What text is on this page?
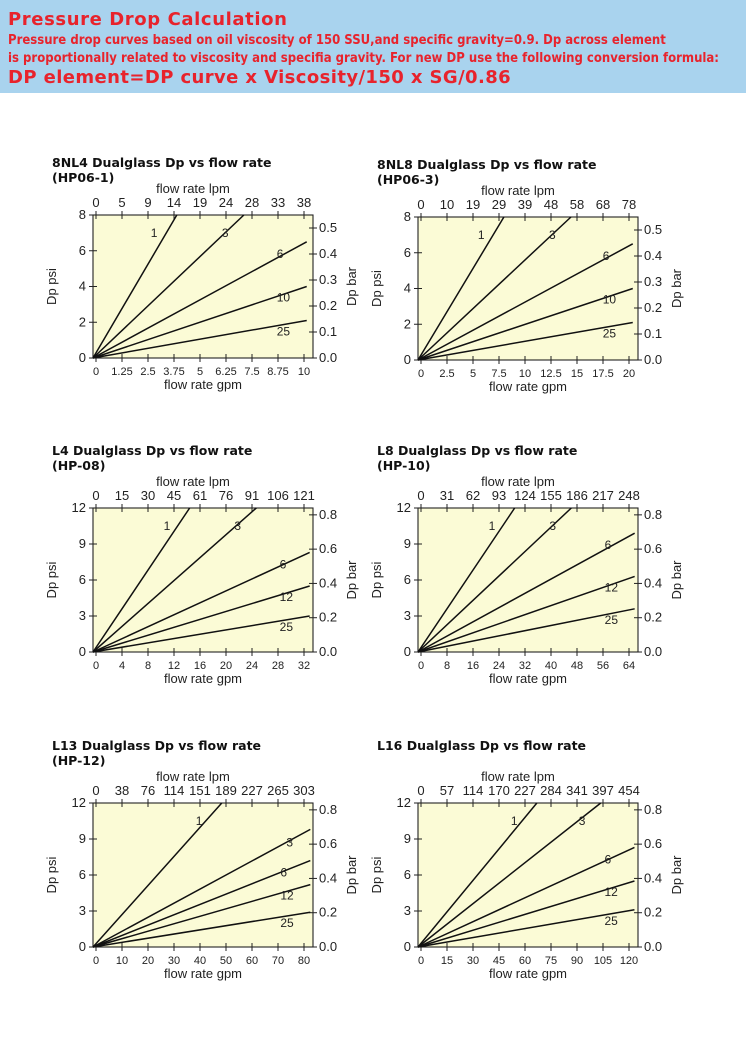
Pressure Drop Calculation

Pressure drop curves based on oil viscosity of 150 SSU,and specific gravity=0.9. Dp across element

is proportionally related to viscosity and specifia gravity. For new DP use the following conversion formula:

DP element=DP curve x Viscosity/150 x SG/0.86

8NL4 Dualglass Dp vs flow rate
(HP06-1)
0 1.25 2.5 3.75 5 6.25 7.5 8.75 10
0 5 9 14 19 24 28 33 38
0
2
4
6
8
0.0
0.1
0.2
0.3
0.4
0.5
flow rate gpm
flow rate lpm
Dp psi	Dp bar
1	3
6
10
25
8NL8 Dualglass Dp vs flow rate
(HP06-3)
0 2.5 5 7.5 10 12.5 15 17.5 20
0 10 19 29 39 48 58 68 78
0
2
4
6
8
0.0
0.1
0.2
0.3
0.4
0.5
flow rate gpm
flow rate lpm
Dp psi	Dp bar
1	3
6
10
25
L4 Dualglass Dp vs flow rate
(HP-08)
0 4 8 12 16 20 24 28 32
0 15 30 45 61 76 91 106 121
0
3
6
9
12
0.0
0.2
0.4
0.6
0.8
flow rate gpm
flow rate lpm
Dp psi	Dp bar
1	3
6
12
25
L8 Dualglass Dp vs flow rate
(HP-10)
0 8 16 24 32 40 48 56 64
0 31 62 93 124 155 186 217 248
0
3
6
9
12
0.0
0.2
0.4
0.6
0.8
flow rate gpm
flow rate lpm
Dp psi	Dp bar
1	3
6
12
25
L13 Dualglass Dp vs flow rate
(HP-12)
0 10 20 30 40 50 60 70 80
0 38 76 114 151 189 227 265 303
0
3
6
9
12
0.0
0.2
0.4
0.6
0.8
flow rate gpm
flow rate lpm
Dp psi	Dp bar
1
3
6
12
25
L16 Dualglass Dp vs flow rate
0 15 30 45 60 75 90 105 120
0 57 114 170 227 284 341 397 454
0
3
6
9
12
0.0
0.2
0.4
0.6
0.8
flow rate gpm
flow rate lpm
Dp psi	Dp bar
1	3
6
12
25
